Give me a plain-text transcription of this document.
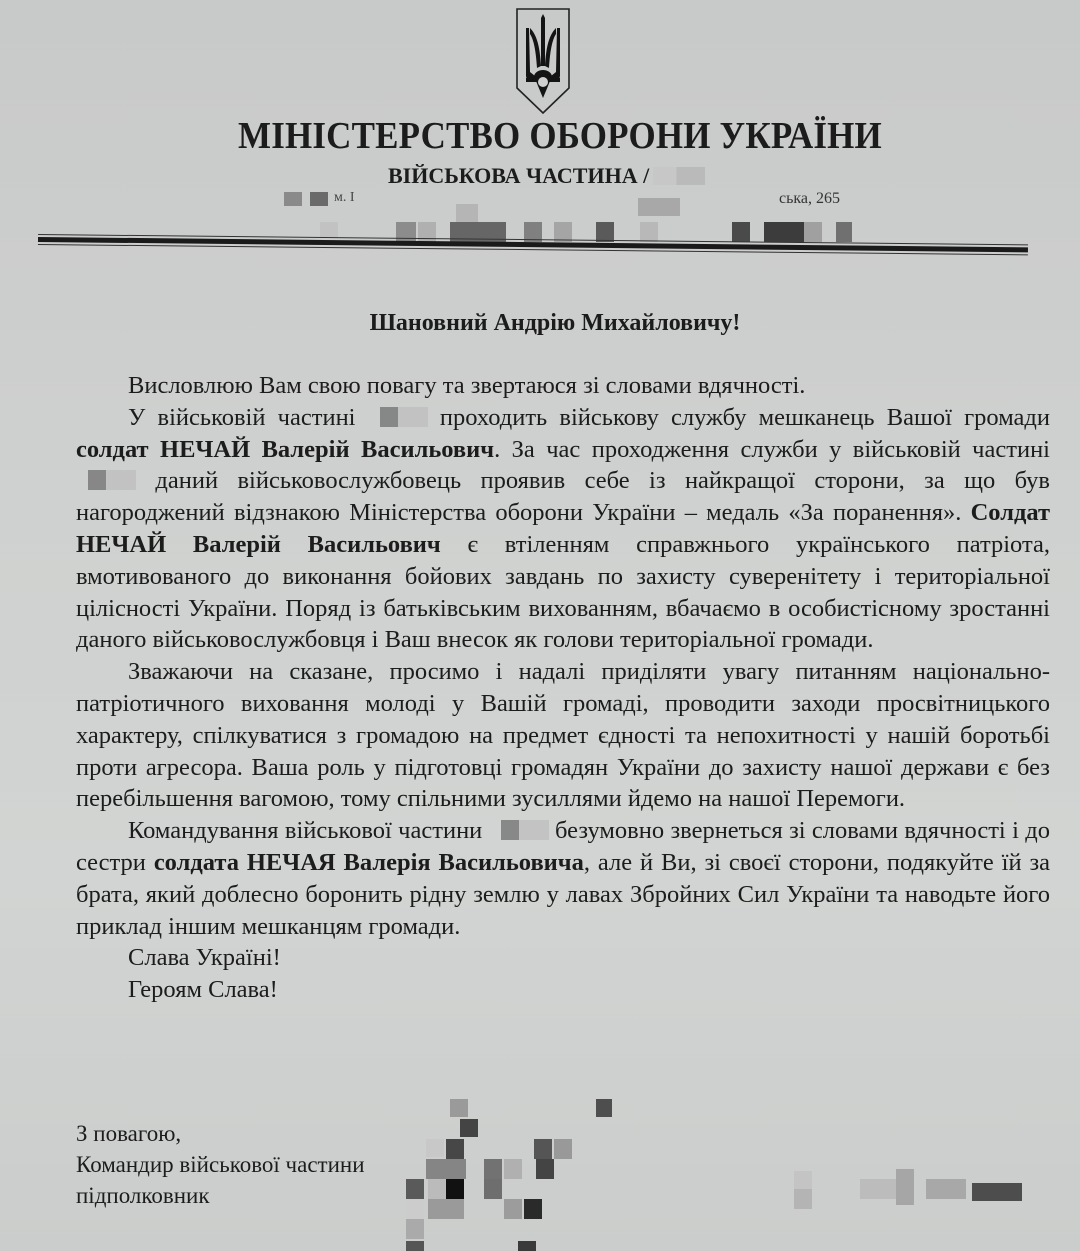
МІНІСТЕРСТВО ОБОРОНИ УКРАЇНИ
ВІЙСЬКОВА ЧАСТИНА /
м. І	ська, 265
Шановний Андрію Михайловичу!

Висловлюю Вам свою повагу та звертаюся зі словами вдячності.

У військовій частині  проходить військову службу мешканець Вашої громади солдат НЕЧАЙ Валерій Васильович. За час проходження служби у військовій частині  даний військовослужбовець проявив себе із найкращої сторони, за що був нагороджений відзнакою Міністерства оборони України – медаль «За поранення». Солдат НЕЧАЙ Валерій Васильович є втіленням справжнього українського патріота, вмотивованого до виконання бойових завдань по захисту суверенітету і територіальної цілісності України. Поряд із батьківським вихованням, вбачаємо в особистісному зростанні даного військовослужбовця і Ваш внесок як голови територіальної громади.

Зважаючи на сказане, просимо і надалі приділяти увагу питанням національно-патріотичного виховання молоді у Вашій громаді, проводити заходи просвітницького характеру, спілкуватися з громадою на предмет єдності та непохитності у нашій боротьбі проти агресора. Ваша роль у підготовці громадян України до захисту нашої держави є без перебільшення вагомою, тому спільними зусиллями йдемо на нашої Перемоги.

Командування військової частини  безумовно звернеться зі словами вдячності і до сестри солдата НЕЧАЯ Валерія Васильовича, але й Ви, зі своєї сторони, подякуйте їй за брата, який доблесно боронить рідну землю у лавах Збройних Сил України та наводьте його приклад іншим мешканцям громади.

Слава Україні!

Героям Слава!

З повагою,
Командир військової частини
підполковник
